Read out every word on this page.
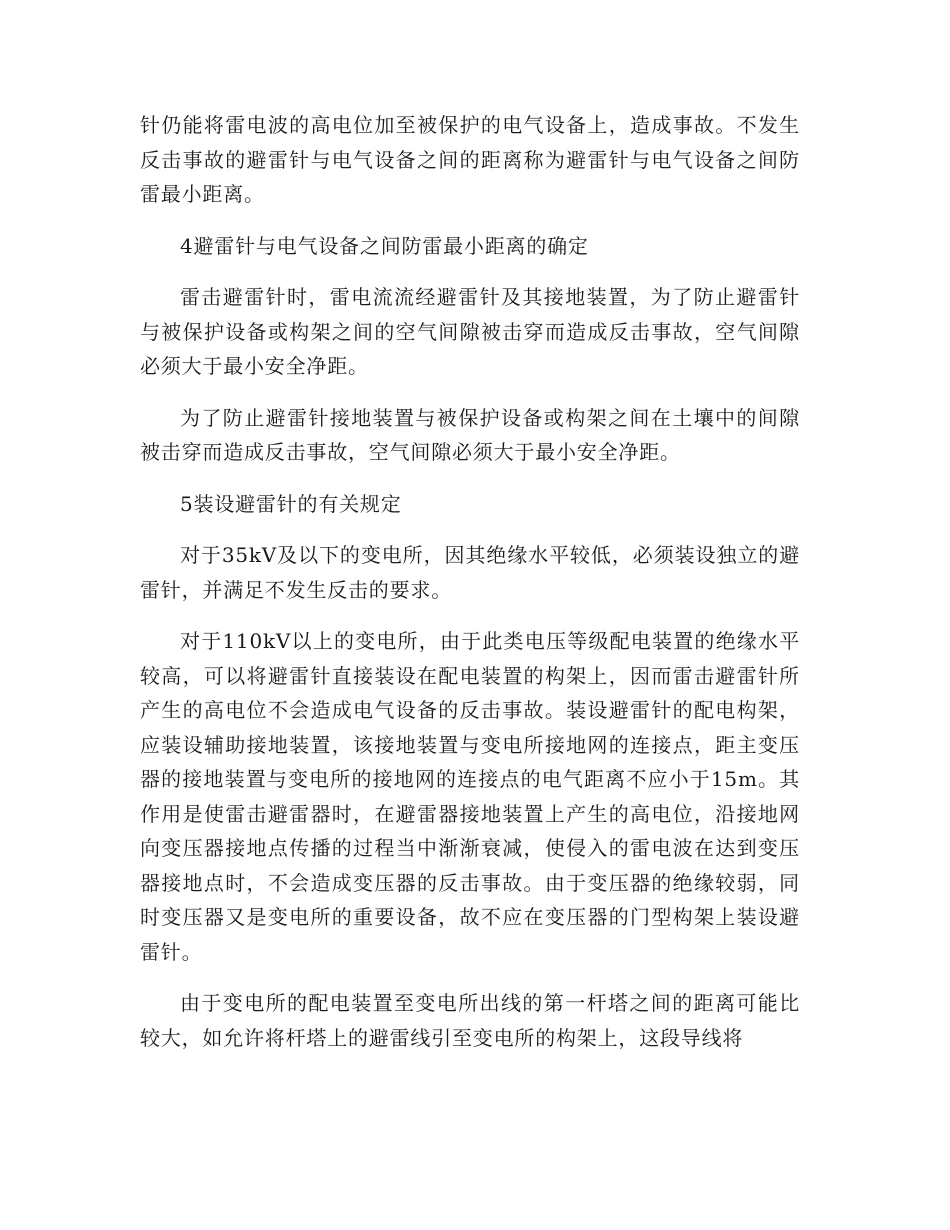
针仍能将雷电波的高电位加至被保护的电气设备上，造成事故。不发生反击事故的避雷针与电气设备之间的距离称为避雷针与电气设备之间防雷最小距离。

4避雷针与电气设备之间防雷最小距离的确定

雷击避雷针时，雷电流流经避雷针及其接地装置，为了防止避雷针与被保护设备或构架之间的空气间隙被击穿而造成反击事故，空气间隙必须大于最小安全净距。

为了防止避雷针接地装置与被保护设备或构架之间在土壤中的间隙被击穿而造成反击事故，空气间隙必须大于最小安全净距。

5装设避雷针的有关规定

对于35kV及以下的变电所，因其绝缘水平较低，必须装设独立的避雷针，并满足不发生反击的要求。

对于110kV以上的变电所，由于此类电压等级配电装置的绝缘水平较高，可以将避雷针直接装设在配电装置的构架上，因而雷击避雷针所产生的高电位不会造成电气设备的反击事故。装设避雷针的配电构架，应装设辅助接地装置，该接地装置与变电所接地网的连接点，距主变压器的接地装置与变电所的接地网的连接点的电气距离不应小于15m。其作用是使雷击避雷器时，在避雷器接地装置上产生的高电位，沿接地网向变压器接地点传播的过程当中渐渐衰减，使侵入的雷电波在达到变压器接地点时，不会造成变压器的反击事故。由于变压器的绝缘较弱，同时变压器又是变电所的重要设备，故不应在变压器的门型构架上装设避雷针。

由于变电所的配电装置至变电所出线的第一杆塔之间的距离可能比较大，如允许将杆塔上的避雷线引至变电所的构架上，这段导线将
